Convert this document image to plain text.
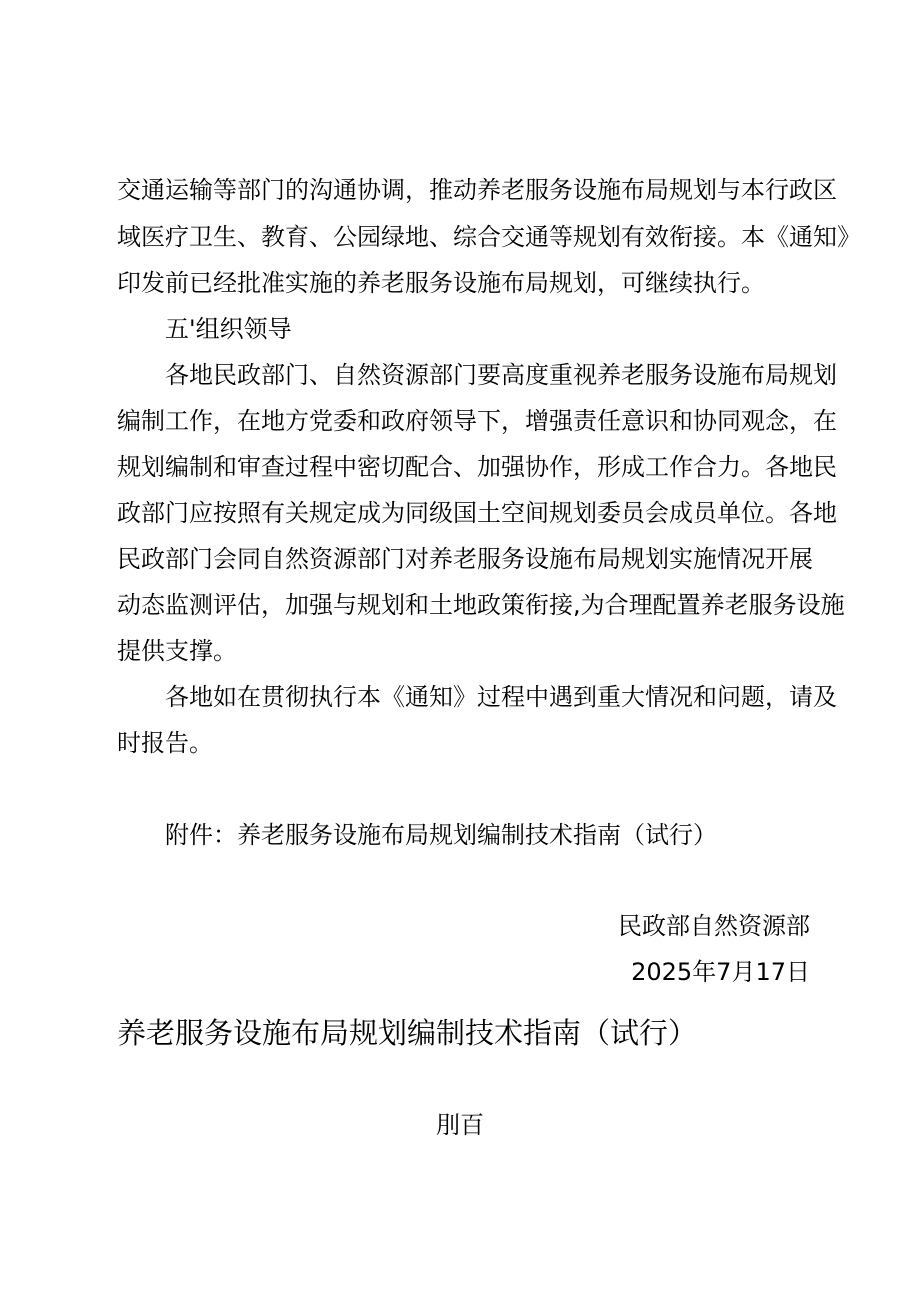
交通运输等部门的沟通协调，推动养老服务设施布局规划与本行政区
域医疗卫生、教育、公园绿地、综合交通等规划有效衔接。本《通知》
印发前已经批准实施的养老服务设施布局规划，可继续执行。
五'组织领导
各地民政部门、自然资源部门要高度重视养老服务设施布局规划
编制工作，在地方党委和政府领导下，增强责任意识和协同观念，在
规划编制和审查过程中密切配合、加强协作，形成工作合力。各地民
政部门应按照有关规定成为同级国土空间规划委员会成员单位。各地
民政部门会同自然资源部门对养老服务设施布局规划实施情况开展
动态监测评估，加强与规划和土地政策衔接,为合理配置养老服务设施
提供支撑。
各地如在贯彻执行本《通知》过程中遇到重大情况和问题，请及
时报告。
附件：养老服务设施布局规划编制技术指南（试行）
民政部自然资源部
2025年7月17日
养老服务设施布局规划编制技术指南（试行）
刖百
